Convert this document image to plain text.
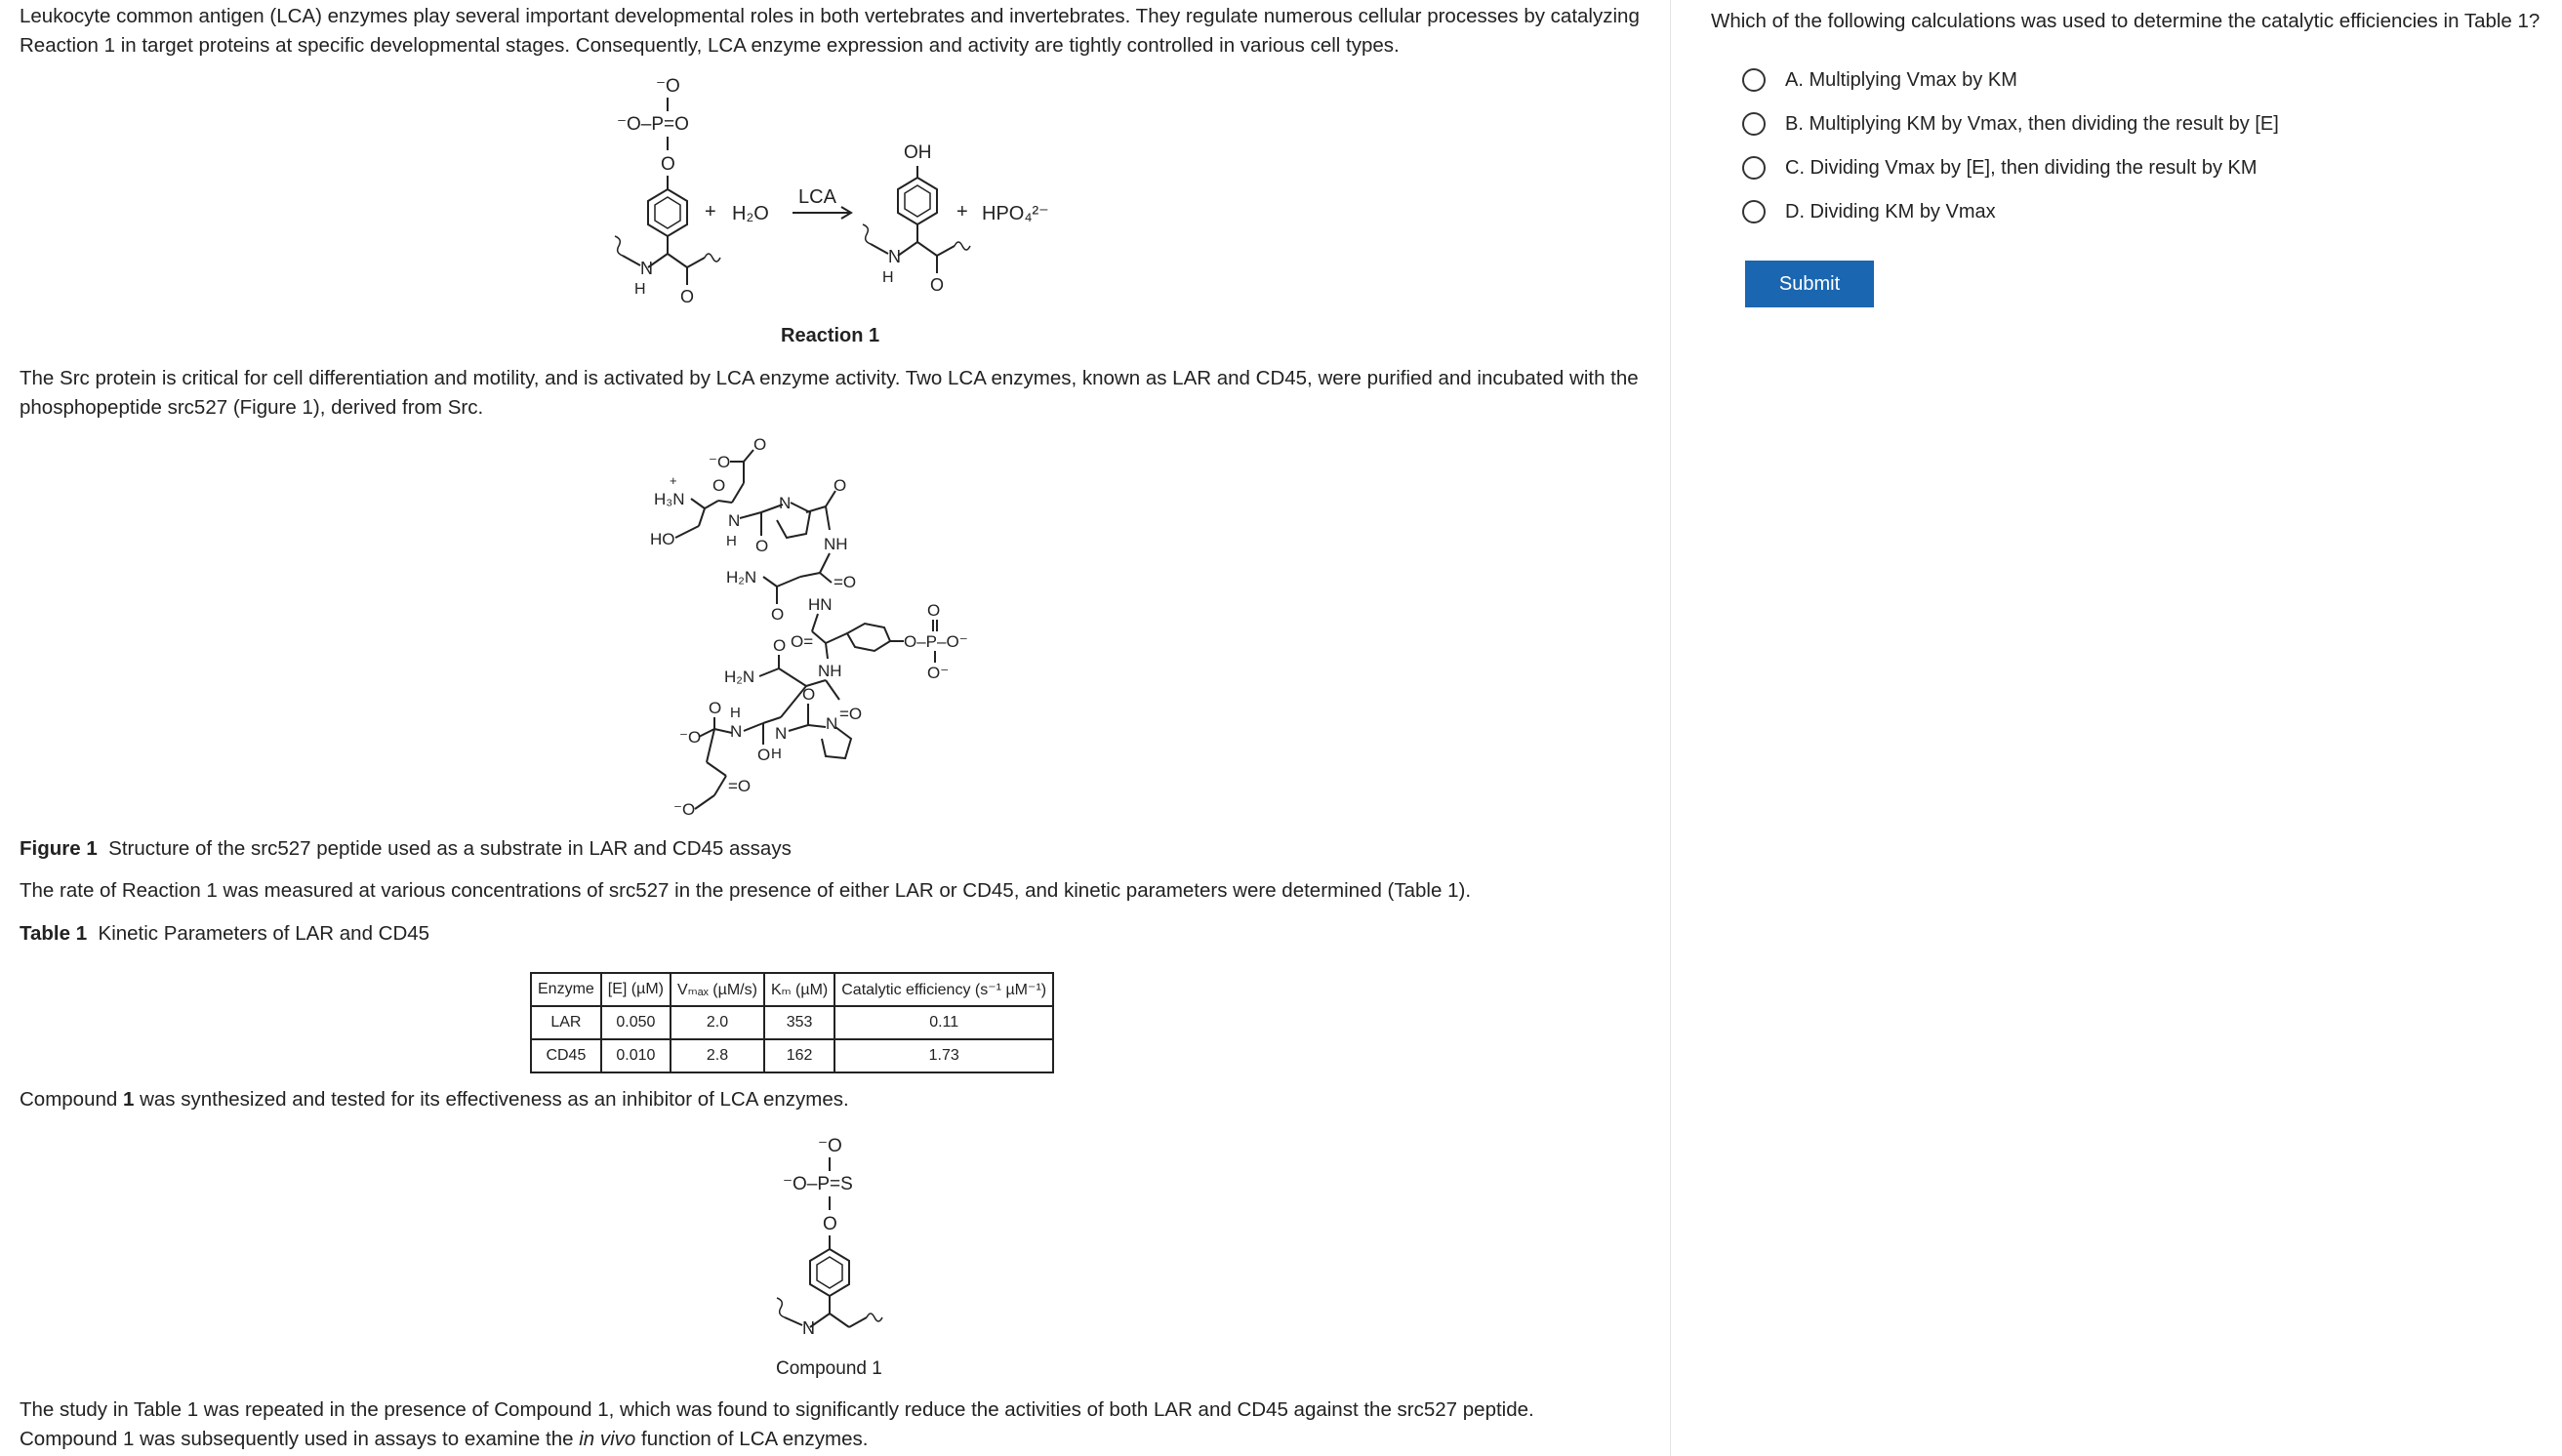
Leukocyte common antigen (LCA) enzymes play several important developmental roles in both vertebrates and invertebrates. They regulate numerous cellular processes by catalyzing Reaction 1 in target proteins at specific developmental stages. Consequently, LCA enzyme expression and activity are tightly controlled in various cell types.

⁻O
⁻O–P=O
O
O
N
H
+ H₂O
LCA
OH
O
N
H
+ HPO₄²⁻
Reaction 1

The Src protein is critical for cell differentiation and motility, and is activated by LCA enzyme activity. Two LCA enzymes, known as LAR and CD45, were purified and incubated with the phosphopeptide src527 (Figure 1), derived from Src.

⁻O
O
H₃N
+ O
HO
N
H O
N
O
NH
=O
H₂N
O
HN
O=	O–P–O⁻
O
O⁻
NH
H₂N
O
=O
⁻O
O H
N
O
N
H
O
N
=O
⁻O
Figure 1 Structure of the src527 peptide used as a substrate in LAR and CD45 assays

The rate of Reaction 1 was measured at various concentrations of src527 in the presence of either LAR or CD45, and kinetic parameters were determined (Table 1).

Table 1 Kinetic Parameters of LAR and CD45
Enzyme	[E] (µM)	Vₘₐₓ (µM/s)	Kₘ (µM)	Catalytic efficiency (s⁻¹ µM⁻¹)
LAR	0.050	2.0	353	0.11
CD45	0.010	2.8	162	1.73

Compound 1 was synthesized and tested for its effectiveness as an inhibitor of LCA enzymes.

⁻O
⁻O–P=S
O
N
Compound 1

The study in Table 1 was repeated in the presence of Compound 1, which was found to significantly reduce the activities of both LAR and CD45 against the src527 peptide.

Compound 1 was subsequently used in assays to examine the in vivo function of LCA enzymes.

Which of the following calculations was used to determine the catalytic efficiencies in Table 1?
A. Multiplying Vmax by KM
B. Multiplying KM by Vmax, then dividing the result by [E]
C. Dividing Vmax by [E], then dividing the result by KM
D. Dividing KM by Vmax
Submit
